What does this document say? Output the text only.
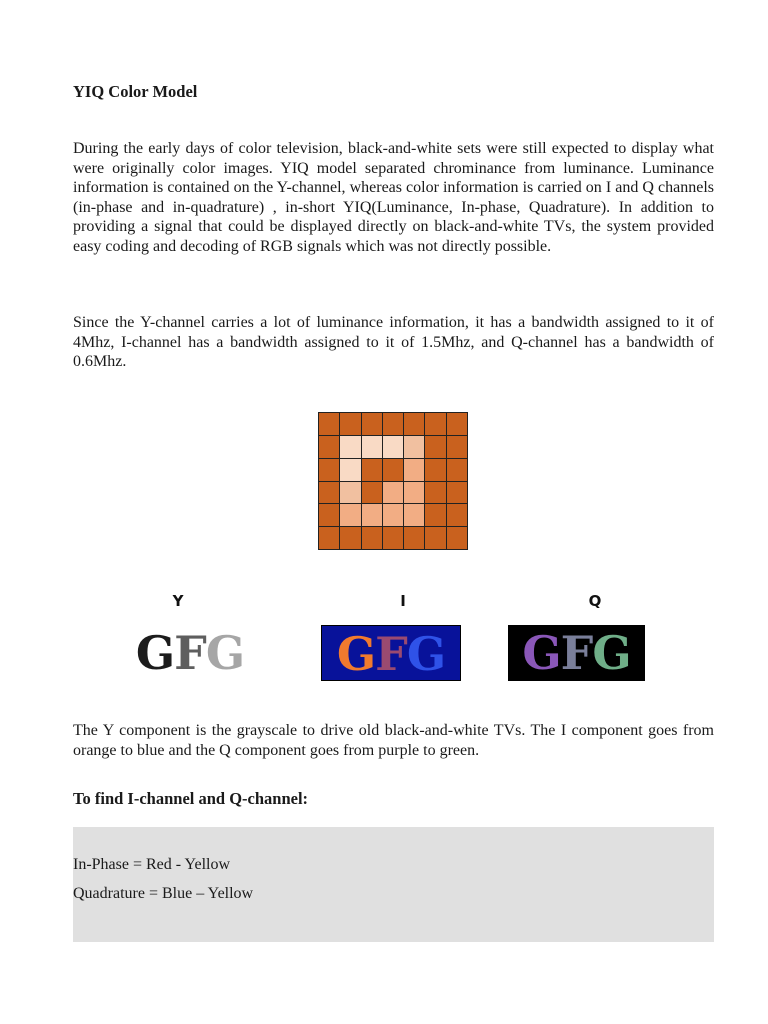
YIQ Color Model

During the early days of color television, black-and-white sets were still expected to display what were originally color images. YIQ model separated chrominance from luminance. Luminance information is contained on the Y-channel, whereas color information is carried on I and Q channels (in-phase and in-quadrature) , in-short YIQ(Luminance, In-phase, Quadrature). In addition to providing a signal that could be displayed directly on black-and-white TVs, the system provided easy coding and decoding of RGB signals which was not directly possible.

Since the Y-channel carries a lot of luminance information, it has a bandwidth assigned to it of 4Mhz, I-channel has a bandwidth assigned to it of 1.5Mhz, and Q-channel has a bandwidth of 0.6Mhz.

Y	I	Q
GFG	GFG	GFG

The Y component is the grayscale to drive old black-and-white TVs. The I component goes from orange to blue and the Q component goes from purple to green.

To find I-channel and Q-channel:
In-Phase = Red - Yellow
Quadrature = Blue – Yellow
